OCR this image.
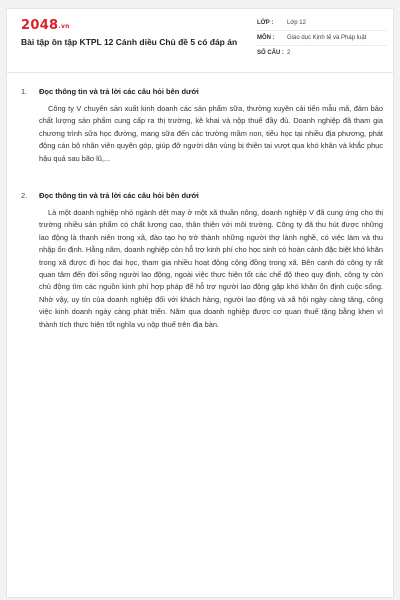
2048.vn
Bài tập ôn tập KTPL 12 Cánh diều Chủ đề 5 có đáp án
LỚP : Lớp 12
MÔN : Giáo dục Kinh tế và Pháp luật
SỐ CÂU : 2
1. Đọc thông tin và trả lời các câu hỏi bên dưới

Công ty V chuyên sản xuất kinh doanh các sản phẩm sữa, thường xuyên cải tiến mẫu mã, đảm bảo chất lượng sản phẩm cung cấp ra thị trường, kê khai và nộp thuế đầy đủ. Doanh nghiệp đã tham gia chương trình sữa học đường, mang sữa đến các trường mầm non, tiểu học tại nhiều địa phương, phát động cán bộ nhân viên quyên góp, giúp đỡ người dân vùng bị thiên tai vượt qua khó khăn và khắc phục hậu quả sau bão lũ,...

2. Đọc thông tin và trả lời các câu hỏi bên dưới

Là một doanh nghiệp nhỏ ngành dệt may ở một xã thuần nông, doanh nghiệp V đã cung ứng cho thị trường nhiều sản phẩm có chất lượng cao, thân thiện với môi trường. Công ty đã thu hút được những lao động là thanh niên trong xã, đào tạo họ trở thành những người thợ lành nghề, có việc làm và thu nhập ổn định. Hằng năm, doanh nghiệp còn hỗ trợ kinh phí cho học sinh có hoàn cảnh đặc biệt khó khăn trong xã được đi học đại học, tham gia nhiều hoạt động cộng đồng trong xã. Bên cạnh đó công ty rất quan tâm đến đời sống người lao động, ngoài việc thực hiện tốt các chế độ theo quy định, công ty còn chủ động tìm các nguồn kinh phí hợp pháp để hỗ trợ người lao động gặp khó khăn ổn định cuộc sống. Nhờ vậy, uy tín của doanh nghiệp đối với khách hàng, người lao động và xã hội ngày càng tăng, công việc kinh doanh ngày càng phát triển. Năm qua doanh nghiệp được cơ quan thuế tặng bằng khen vì thành tích thực hiện tốt nghĩa vụ nộp thuế trên địa bàn.
